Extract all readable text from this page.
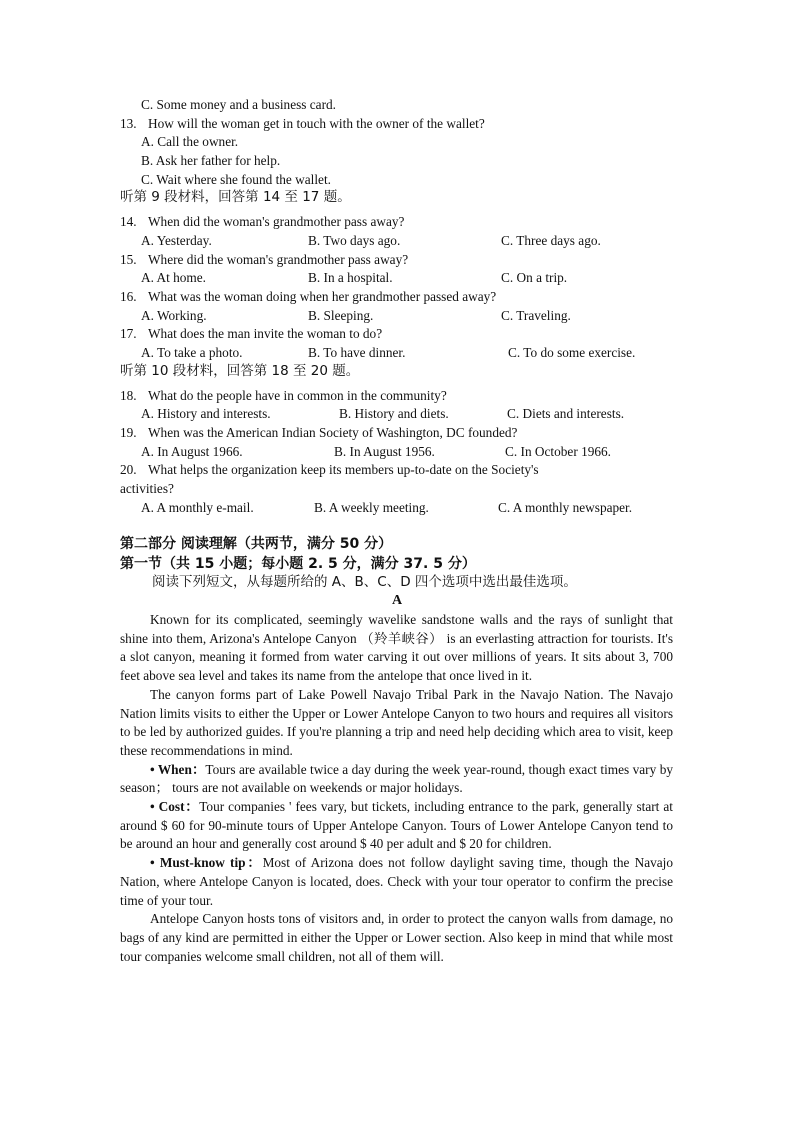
C. Some money and a business card.
13. How will the woman get in touch with the owner of the wallet?
A. Call the owner.
B. Ask her father for help.
C. Wait where she found the wallet.
听第 9 段材料，回答第 14 至 17 题。
14. When did the woman's grandmother pass away?
A. Yesterday.	B. Two days ago.	C. Three days ago.
15. Where did the woman's grandmother pass away?
A. At home.	B. In a hospital.	C. On a trip.
16. What was the woman doing when her grandmother passed away?
A. Working.	B. Sleeping.	C. Traveling.
17. What does the man invite the woman to do?
A. To take a photo.	B. To have dinner.	C. To do some exercise.
听第 10 段材料，回答第 18 至 20 题。
18. What do the people have in common in the community?
A. History and interests.	B. History and diets.	C. Diets and interests.
19. When was the American Indian Society of Washington, DC founded?
A. In August 1966.	B. In August 1956.	C. In October 1966.
20. What helps the organization keep its members up-to-date on the Society's
activities?
A. A monthly e-mail.	B. A weekly meeting.	C. A monthly newspaper.
第二部分 阅读理解（共两节，满分 50 分）
第一节（共 15 小题；每小题 2. 5 分，满分 37. 5 分）
阅读下列短文，从每题所给的 A、B、C、D 四个选项中选出最佳选项。
A

Known for its complicated, seemingly wavelike sandstone walls and the rays of sunlight that shine into them, Arizona's Antelope Canyon （羚羊峡谷） is an everlasting attraction for tourists. It's a slot canyon, meaning it formed from water carving it out over millions of years. It sits about 3, 700 feet above sea level and takes its name from the antelope that once lived in it.

The canyon forms part of Lake Powell Navajo Tribal Park in the Navajo Nation. The Navajo Nation limits visits to either the Upper or Lower Antelope Canyon to two hours and requires all visitors to be led by authorized guides. If you're planning a trip and need help deciding which area to visit, keep these recommendations in mind.

• When：Tours are available twice a day during the week year-round, though exact times vary by season； tours are not available on weekends or major holidays.

• Cost：Tour companies ' fees vary, but tickets, including entrance to the park, generally start at around $ 60 for 90-minute tours of Upper Antelope Canyon. Tours of Lower Antelope Canyon tend to be around an hour and generally cost around $ 40 per adult and $ 20 for children.

• Must-know tip：Most of Arizona does not follow daylight saving time, though the Navajo Nation, where Antelope Canyon is located, does. Check with your tour operator to confirm the precise time of your tour.

Antelope Canyon hosts tons of visitors and, in order to protect the canyon walls from damage, no bags of any kind are permitted in either the Upper or Lower section. Also keep in mind that while most tour companies welcome small children, not all of them will.
